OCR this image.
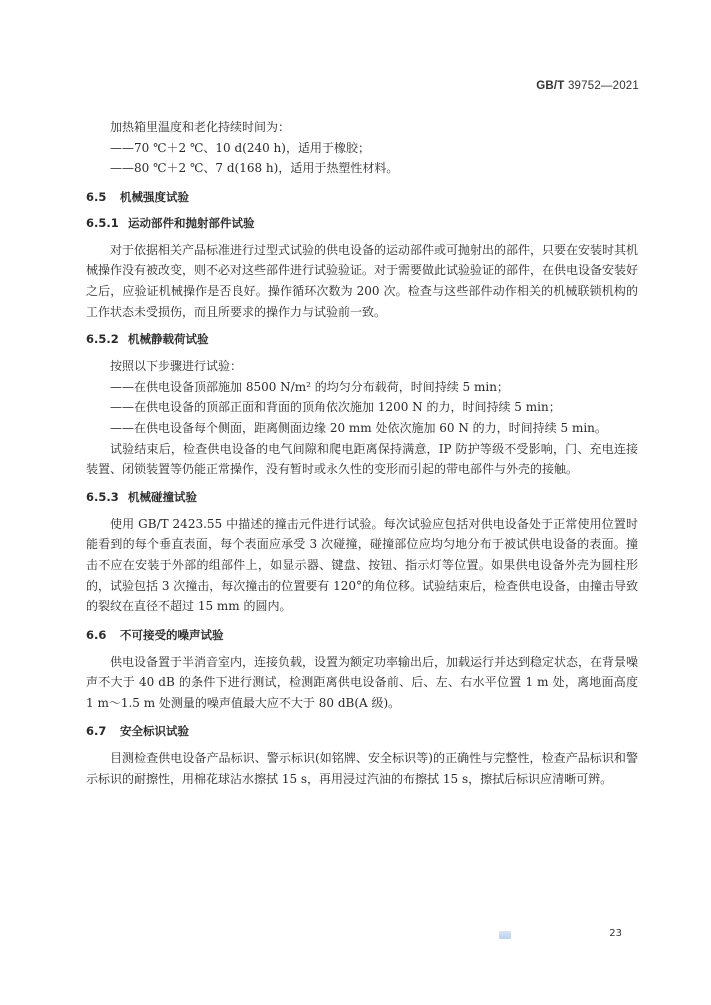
GB/T 39752—2021

加热箱里温度和老化持续时间为：

——70 ℃＋2 ℃、10 d(240 h)，适用于橡胶；

——80 ℃＋2 ℃、7 d(168 h)，适用于热塑性材料。

6.5 机械强度试验
6.5.1 运动部件和抛射部件试验

对于依据相关产品标准进行过型式试验的供电设备的运动部件或可抛射出的部件，只要在安装时其机械操作没有被改变，则不必对这些部件进行试验验证。对于需要做此试验验证的部件，在供电设备安装好之后，应验证机械操作是否良好。操作循环次数为 200 次。检查与这些部件动作相关的机械联锁机构的工作状态未受损伤，而且所要求的操作力与试验前一致。

6.5.2 机械静载荷试验

按照以下步骤进行试验：

——在供电设备顶部施加 8500 N/m² 的均匀分布载荷，时间持续 5 min；

——在供电设备的顶部正面和背面的顶角依次施加 1200 N 的力，时间持续 5 min；

——在供电设备每个侧面，距离侧面边缘 20 mm 处依次施加 60 N 的力，时间持续 5 min。

试验结束后，检查供电设备的电气间隙和爬电距离保持满意，IP 防护等级不受影响，门、充电连接装置、闭锁装置等仍能正常操作，没有暂时或永久性的变形而引起的带电部件与外壳的接触。

6.5.3 机械碰撞试验

使用 GB/T 2423.55 中描述的撞击元件进行试验。每次试验应包括对供电设备处于正常使用位置时能看到的每个垂直表面，每个表面应承受 3 次碰撞，碰撞部位应均匀地分布于被试供电设备的表面。撞击不应在安装于外部的组部件上，如显示器、键盘、按钮、指示灯等位置。如果供电设备外壳为圆柱形的，试验包括 3 次撞击，每次撞击的位置要有 120°的角位移。试验结束后，检查供电设备，由撞击导致的裂纹在直径不超过 15 mm 的圆内。

6.6 不可接受的噪声试验

供电设备置于半消音室内，连接负载，设置为额定功率输出后，加载运行并达到稳定状态，在背景噪声不大于 40 dB 的条件下进行测试，检测距离供电设备前、后、左、右水平位置 1 m 处，离地面高度 1 m～1.5 m 处测量的噪声值最大应不大于 80 dB(A 级)。

6.7 安全标识试验

目测检查供电设备产品标识、警示标识(如铭牌、安全标识等)的正确性与完整性，检查产品标识和警示标识的耐擦性，用棉花球沾水擦拭 15 s，再用浸过汽油的布擦拭 15 s，擦拭后标识应清晰可辨。

23
